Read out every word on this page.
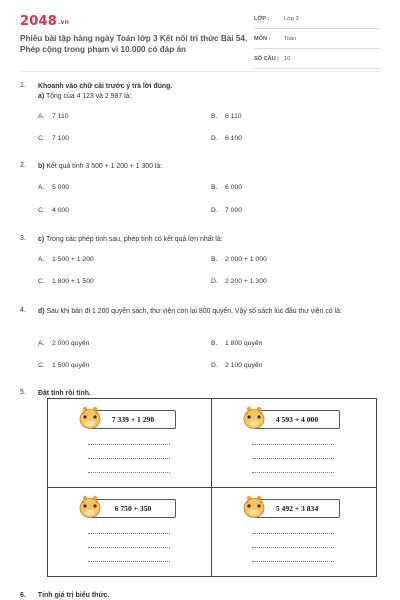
2048.vn
Phiếu bài tập hàng ngày Toán lớp 3 Kết nối tri thức Bài 54.
Phép cộng trong phạm vi 10.000 có đáp án
LỚP :	Lớp 3
MÔN : Toán
SỐ CÂU : 10
1.	Khoanh vào chữ cái trước ý trả lời đúng.
a) Tổng của 4 123 và 2 987 là:
A. 7 110	B. 6 110
C. 7 100	D. 6 100
2.	b) Kết quả tính 3 500 + 1 200 + 1 300 là:
A. 5 000	B. 6 000
C. 4 000	D. 7 000
3.	c) Trong các phép tính sau, phép tính có kết quả lớn nhất là:
A. 1 500 + 1 200	B. 2 000 + 1 000
C. 1 800 + 1 500	D. 2 200 + 1 300
4.	d) Sau khi bán đi 1 200 quyển sách, thư viện còn lại 800 quyển. Vậy số sách lúc đầu thư viện có là:
A. 2 000 quyển	B. 1 800 quyển
C. 1 500 quyển	D. 2 100 quyển
5.	Đặt tính rồi tính.
7 339 + 1 290	4 593 + 4 000
6 750 + 350	5 492 + 3 834
6. Tính giá trị biểu thức.
